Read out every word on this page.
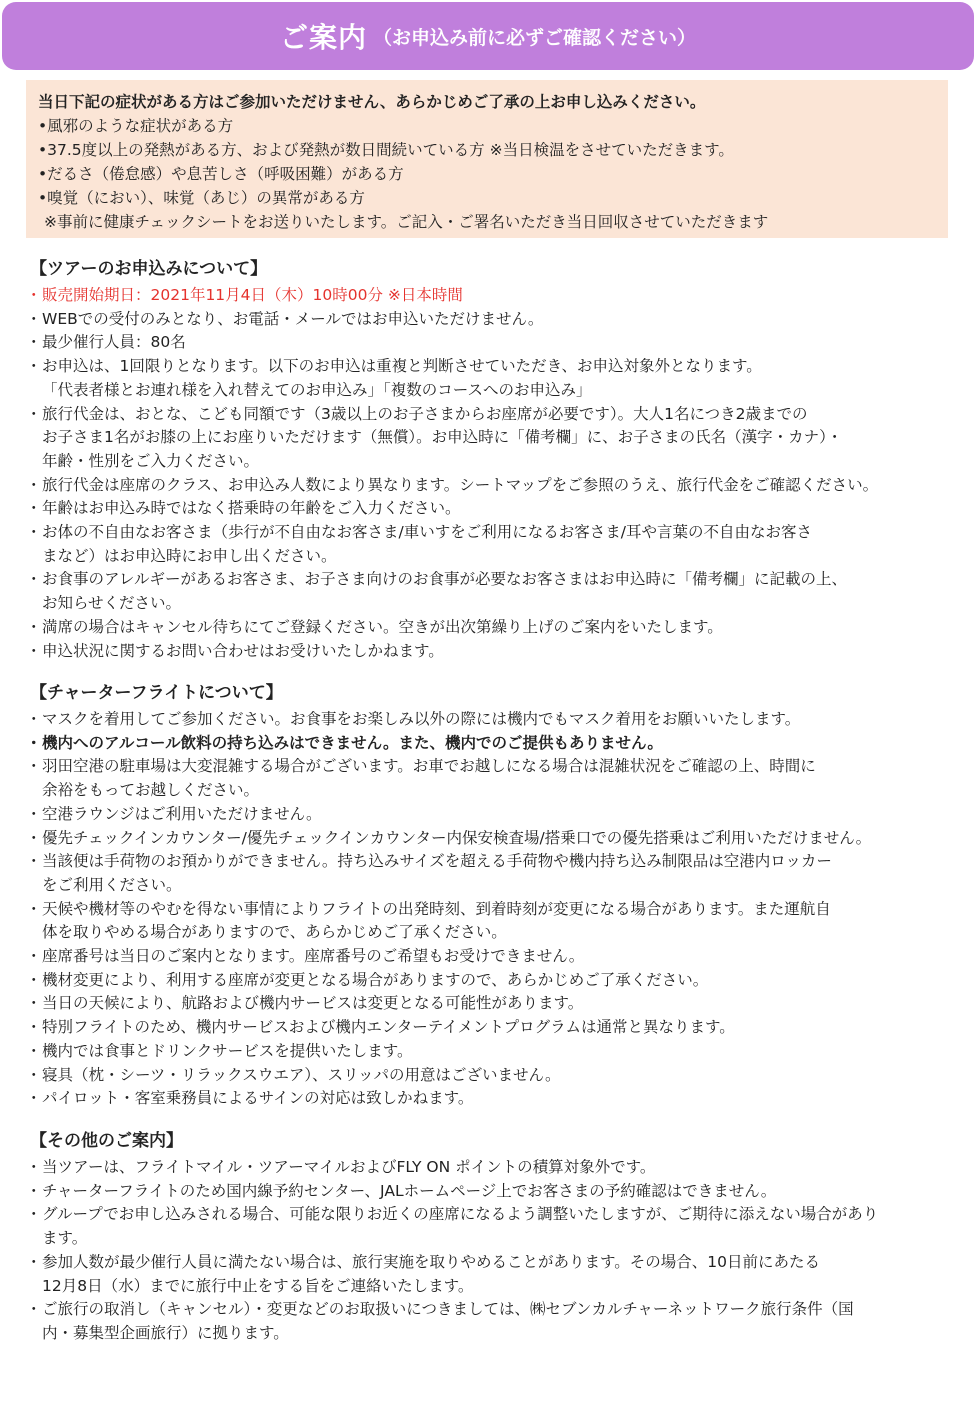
ご案内 （お申込み前に必ずご確認ください）
当日下記の症状がある方はご参加いただけません、あらかじめご了承の上お申し込みください。
•風邪のような症状がある方
•37.5度以上の発熱がある方、および発熱が数日間続いている方 ※当日検温をさせていただきます。
•だるさ（倦怠感）や息苦しさ（呼吸困難）がある方
•嗅覚（におい）、味覚（あじ）の異常がある方
※事前に健康チェックシートをお送りいたします。ご記入・ご署名いただき当日回収させていただきます
【ツアーのお申込みについて】
・ 販売開始期日：2021年11月4日（木）10時00分 ※日本時間
・ WEBでの受付のみとなり、お電話・メールではお申込いただけません。
・ 最少催行人員：80名
・ お申込は、1回限りとなります。以下のお申込は重複と判断させていただき、お申込対象外となります。
「代表者様とお連れ様を入れ替えてのお申込み」「複数のコースへのお申込み」
・ 旅行代金は、おとな、こども同額です（3歳以上のお子さまからお座席が必要です）。大人1名につき2歳までの
お子さま1名がお膝の上にお座りいただけます（無償）。お申込時に「備考欄」に、お子さまの氏名（漢字・カナ）・
年齢・性別をご入力ください。
・ 旅行代金は座席のクラス、お申込み人数により異なります。シートマップをご参照のうえ、旅行代金をご確認ください。
・ 年齢はお申込み時ではなく搭乗時の年齢をご入力ください。
・ お体の不自由なお客さま（歩行が不自由なお客さま/車いすをご利用になるお客さま/耳や言葉の不自由なお客さ
まなど）はお申込時にお申し出ください。
・ お食事のアレルギーがあるお客さま、お子さま向けのお食事が必要なお客さまはお申込時に「備考欄」に記載の上、
お知らせください。
・ 満席の場合はキャンセル待ちにてご登録ください。空きが出次第繰り上げのご案内をいたします。
・ 申込状況に関するお問い合わせはお受けいたしかねます。
【チャーターフライトについて】
・ マスクを着用してご参加ください。お食事をお楽しみ以外の際には機内でもマスク着用をお願いいたします。
・ 機内へのアルコール飲料の持ち込みはできません。また、機内でのご提供もありません。
・ 羽田空港の駐車場は大変混雑する場合がございます。お車でお越しになる場合は混雑状況をご確認の上、時間に
余裕をもってお越しください。
・ 空港ラウンジはご利用いただけません。
・ 優先チェックインカウンター/優先チェックインカウンター内保安検査場/搭乗口での優先搭乗はご利用いただけません。
・ 当該便は手荷物のお預かりができません。持ち込みサイズを超える手荷物や機内持ち込み制限品は空港内ロッカー
をご利用ください。
・ 天候や機材等のやむを得ない事情によりフライトの出発時刻、到着時刻が変更になる場合があります。また運航自
体を取りやめる場合がありますので、あらかじめご了承ください。
・ 座席番号は当日のご案内となります。座席番号のご希望もお受けできません。
・ 機材変更により、利用する座席が変更となる場合がありますので、あらかじめご了承ください。
・ 当日の天候により、航路および機内サービスは変更となる可能性があります。
・ 特別フライトのため、機内サービスおよび機内エンターテイメントプログラムは通常と異なります。
・ 機内では食事とドリンクサービスを提供いたします。
・ 寝具（枕・シーツ・リラックスウエア）、スリッパの用意はございません。
・ パイロット・客室乗務員によるサインの対応は致しかねます。
【その他のご案内】
・ 当ツアーは、フライトマイル・ツアーマイルおよびFLY ON ポイントの積算対象外です。
・ チャーターフライトのため国内線予約センター、JALホームページ上でお客さまの予約確認はできません。
・ グループでお申し込みされる場合、可能な限りお近くの座席になるよう調整いたしますが、ご期待に添えない場合があり
ます。
・ 参加人数が最少催行人員に満たない場合は、旅行実施を取りやめることがあります。その場合、10日前にあたる
12月8日（水）までに旅行中止をする旨をご連絡いたします。
・ ご旅行の取消し（キャンセル）・変更などのお取扱いにつきましては、㈱セブンカルチャーネットワーク旅行条件（国
内・募集型企画旅行）に拠ります。
